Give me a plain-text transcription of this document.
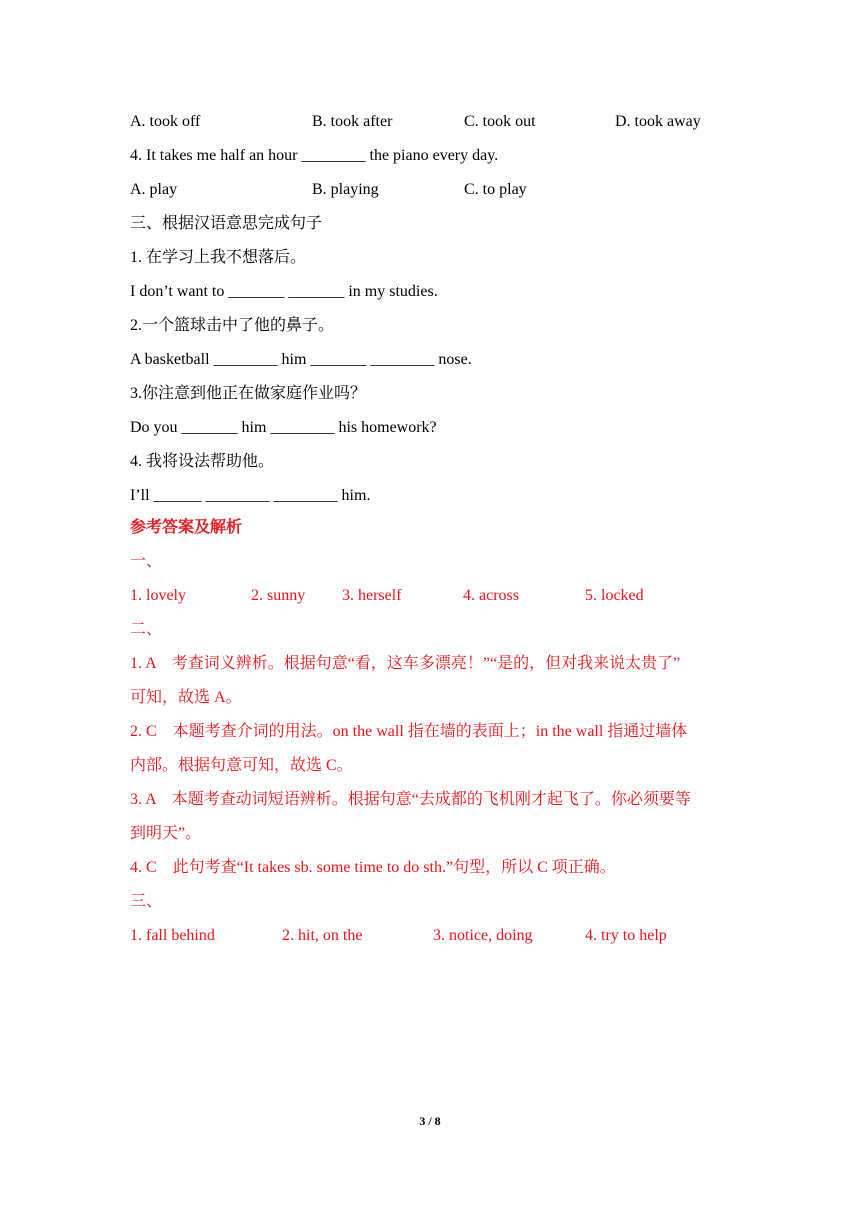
A. took off	B. took after	C. took out	D. took away
4. It takes me half an hour ________ the piano every day.
A. play	B. playing	C. to play
三、根据汉语意思完成句子
1. 在学习上我不想落后。
I don’t want to _______ _______ in my studies.
2.一个篮球击中了他的鼻子。
A basketball ________ him _______ ________ nose.
3.你注意到他正在做家庭作业吗？
Do you _______ him ________ his homework?
4. 我将设法帮助他。
I’ll ______ ________ ________ him.
参考答案及解析
一、
1. lovely	2. sunny 3. herself	4. across	5. locked
二、
1. A　考查词义辨析。根据句意“看，这车多漂亮！”“是的，但对我来说太贵了”
可知，故选 A。
2. C　本题考查介词的用法。on the wall 指在墙的表面上；in the wall 指通过墙体
内部。根据句意可知，故选 C。
3. A　本题考查动词短语辨析。根据句意“去成都的飞机刚才起飞了。你必须要等
到明天”。
4. C　此句考查“It takes sb. some time to do sth.”句型，所以 C 项正确。
三、
1. fall behind	2. hit, on the	3. notice, doing	4. try to help
3 / 8
